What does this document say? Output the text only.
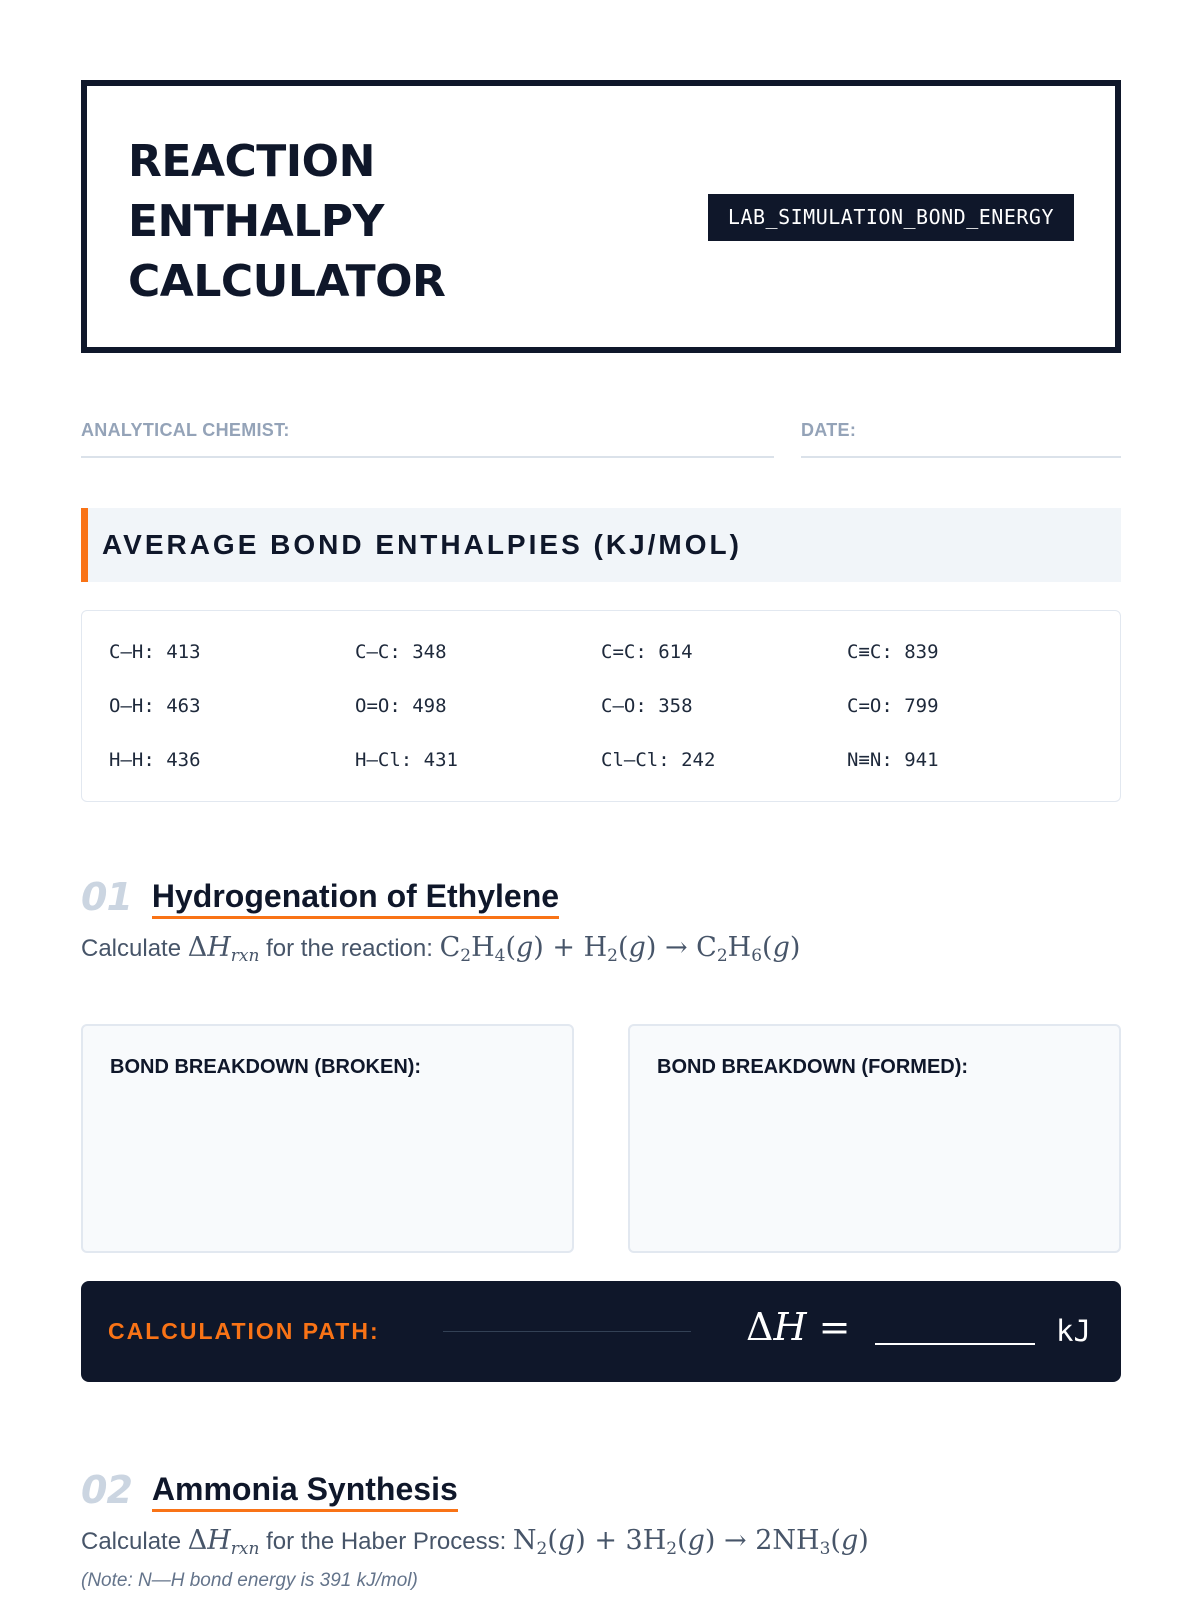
REACTION
ENTHALPY
CALCULATOR
LAB_SIMULATION_BOND_ENERGY
ANALYTICAL CHEMIST:	DATE:
AVERAGE BOND ENTHALPIES (KJ/MOL)
C—H: 413	C—C: 348	C=C: 614	C≡C: 839
O—H: 463	O=O: 498	C—O: 358	C=O: 799
H—H: 436	H—Cl: 431	Cl—Cl: 242	N≡N: 941
01 Hydrogenation of Ethylene
Calculate $\Delta H_{rxn}$ for the reaction: $C_2H_4(g) + H_2(g) \to C_2H_6(g)$
BOND BREAKDOWN (BROKEN):	BOND BREAKDOWN (FORMED):
CALCULATION PATH:	ΔH =	kJ
02 Ammonia Synthesis
Calculate $\Delta H_{rxn}$ for the Haber Process: $N_2(g) + 3H_2(g) \to 2NH_3(g)$
(Note: N—H bond energy is 391 kJ/mol)
